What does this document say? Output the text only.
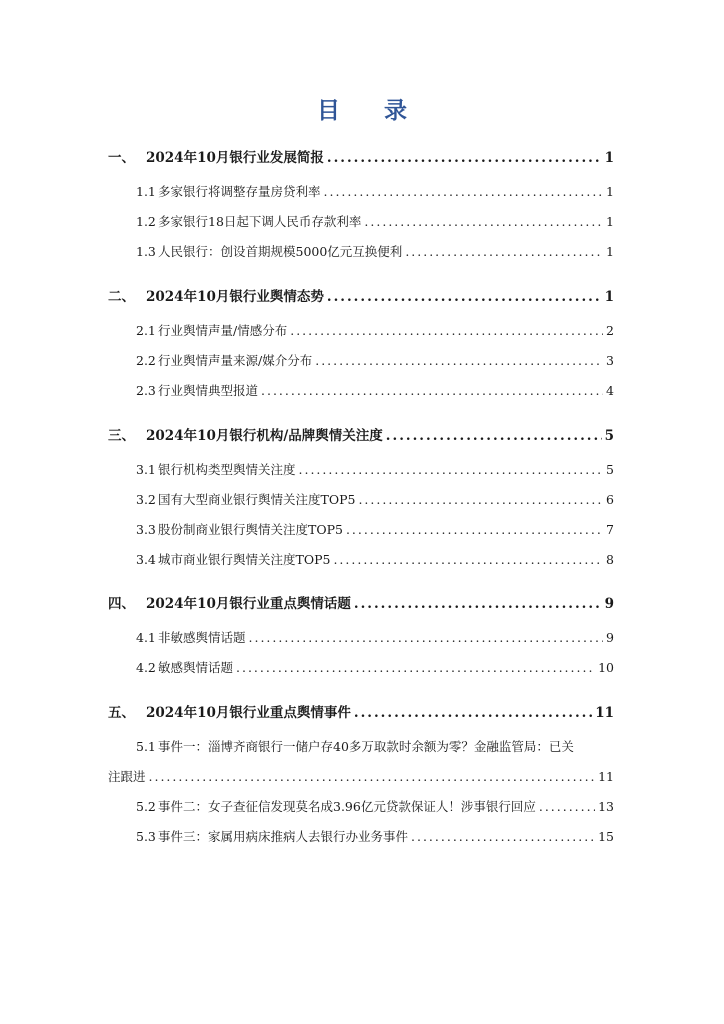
目 录
一、 2024年10月银行业发展简报 .....	1
1.1 多家银行将调整存量房贷利率 .....	1
1.2 多家银行18日起下调人民币存款利率 .....	1
1.3 人民银行：创设首期规模5000亿元互换便利 .....	1
二、 2024年10月银行业舆情态势 .....	1
2.1 行业舆情声量/情感分布 .....	2
2.2 行业舆情声量来源/媒介分布 .....	3
2.3 行业舆情典型报道 .....	4
三、 2024年10月银行机构/品牌舆情关注度 .....	5
3.1 银行机构类型舆情关注度 .....	5
3.2 国有大型商业银行舆情关注度TOP5 .....	6
3.3 股份制商业银行舆情关注度TOP5 .....	7
3.4 城市商业银行舆情关注度TOP5 .....	8
四、 2024年10月银行业重点舆情话题 .....	9
4.1 非敏感舆情话题 .....	9
4.2 敏感舆情话题 .....	10
五、 2024年10月银行业重点舆情事件 .....	11
5.1 事件一：淄博齐商银行一储户存40多万取款时余额为零？金融监管局：已关
注跟进 .....	11
5.2 事件二：女子查征信发现莫名成3.96亿元贷款保证人！涉事银行回应 .....	13
5.3 事件三：家属用病床推病人去银行办业务事件 .....	15
